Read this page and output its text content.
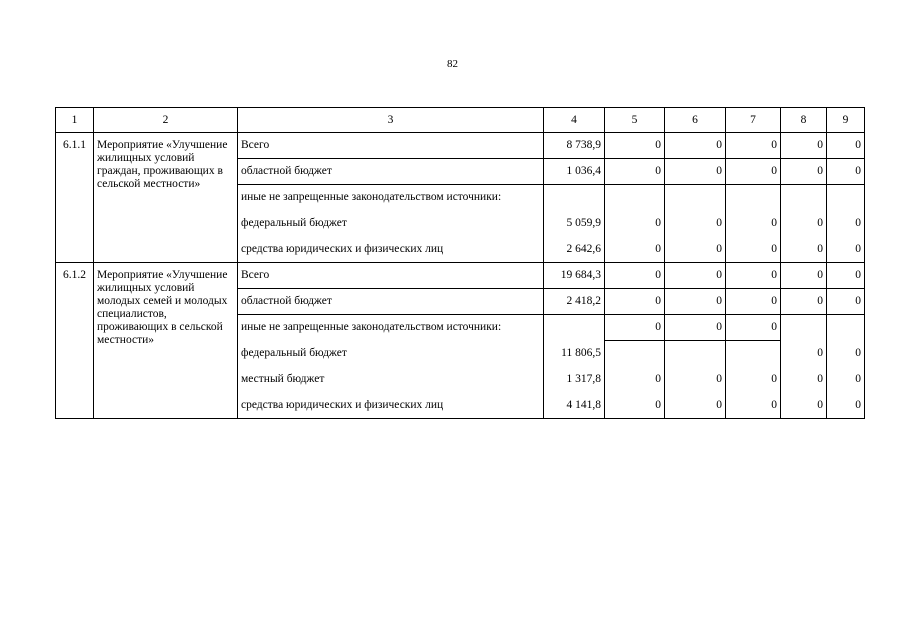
82
1	2	3	4	5	6	7	8	9
6.1.1	Мероприятие «Улучшение жилищных условий граждан, проживающих в сельской местности»	Всего	8 738,9	0	0	0	0	0
		областной бюджет	1 036,4	0	0	0	0	0
		иные не запрещенные законодательством источники:						
		федеральный бюджет	5 059,9	0	0	0	0	0
		средства юридических и физических лиц	2 642,6	0	0	0	0	0
6.1.2	Мероприятие «Улучшение жилищных условий молодых семей и молодых специалистов, проживающих в сельской местности»	Всего	19 684,3	0	0	0	0	0
		областной бюджет	2 418,2	0	0	0	0	0
		иные не запрещенные законодательством источники:		0	0	0		
		федеральный бюджет	11 806,5				0	0
		местный бюджет	1 317,8	0	0	0	0	0
		средства юридических и физических лиц	4 141,8	0	0	0	0	0
